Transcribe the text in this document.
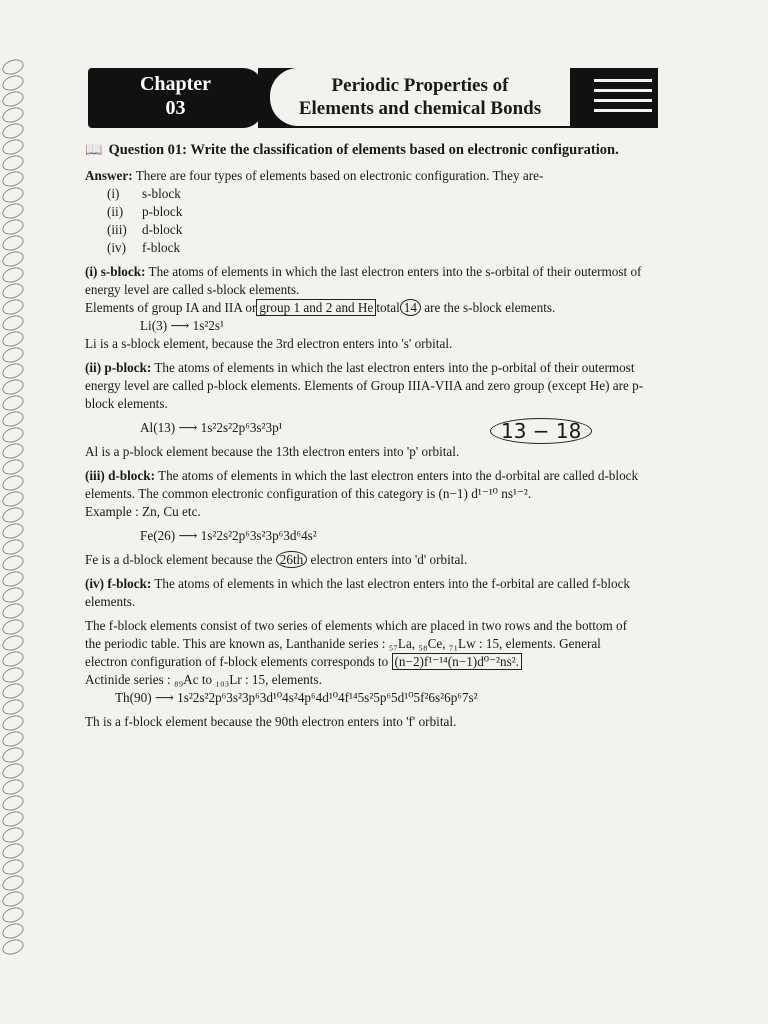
Chapter
03
Periodic Properties of
Elements and chemical Bonds
📖 Question 01: Write the classification of elements based on electronic configuration.

Answer: There are four types of elements based on electronic configuration. They are-

(i)	s-block
(ii)	p-block
(iii)	d-block
(iv)	f-block

(i) s-block: The atoms of elements in which the last electron enters into the s-orbital of their outermost of energy level are called s-block elements.

Elements of group IA and IIA or group 1 and 2 and He total 14 are the s-block elements.

Li(3) ⟶ 1s²2s¹

Li is a s-block element, because the 3rd electron enters into 's' orbital.

(ii) p-block: The atoms of elements in which the last electron enters into the p-orbital of their outermost energy level are called p-block elements. Elements of Group IIIA-VIIA and zero group (except He) are p-block elements.

Al(13) ⟶ 1s²2s²2p⁶3s²3p¹

Al is a p-block element because the 13th electron enters into 'p' orbital.

(iii) d-block: The atoms of elements in which the last electron enters into the d-orbital are called d-block elements. The common electronic configuration of this category is (n−1) d¹⁻¹⁰ ns¹⁻².

Example : Zn, Cu etc.

Fe(26) ⟶ 1s²2s²2p⁶3s²3p⁶3d⁶4s²

Fe is a d-block element because the 26th electron enters into 'd' orbital.

(iv) f-block: The atoms of elements in which the last electron enters into the f-orbital are called f-block elements.

The f-block elements consist of two series of elements which are placed in two rows and the bottom of the periodic table. This are known as, Lanthanide series : ₅₇La, ₅₈Ce, ₇₁Lw : 15, elements. General electron configuration of f-block elements corresponds to (n−2)f¹⁻¹⁴(n−1)d⁰⁻²ns².

Actinide series : ₈₉Ac to ₁₀₃Lr : 15, elements.

Th(90) ⟶ 1s²2s²2p⁶3s²3p⁶3d¹⁰4s²4p⁶4d¹⁰4f¹⁴5s²5p⁶5d¹⁰5f²6s²6p⁶7s²

Th is a f-block element because the 90th electron enters into 'f' orbital.

13 − 18
